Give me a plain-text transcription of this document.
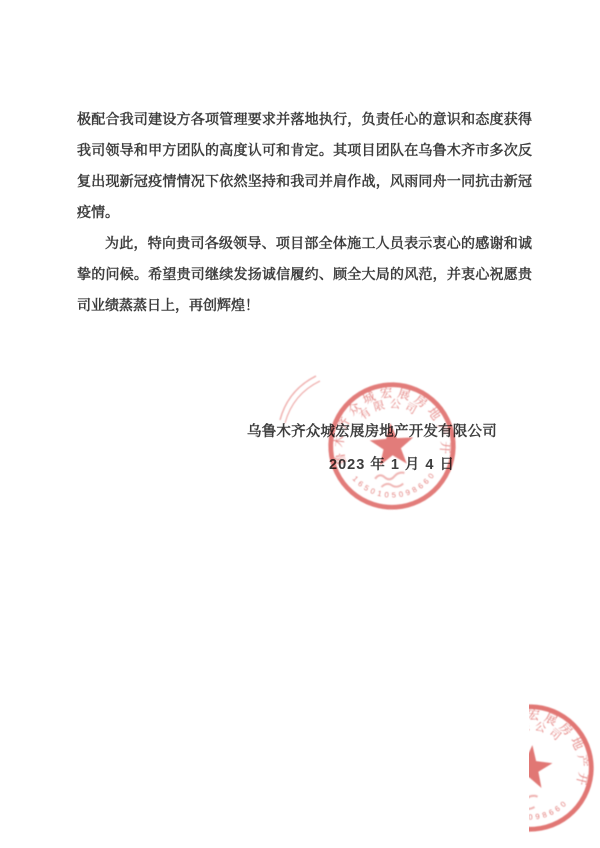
极配合我司建设方各项管理要求并落地执行，负责任心的意识和态度获得我司领导和甲方团队的高度认可和肯定。其项目团队在乌鲁木齐市多次反复出现新冠疫情情况下依然坚持和我司并肩作战，风雨同舟一同抗击新冠疫情。

为此，特向贵司各级领导、项目部全体施工人员表示衷心的感谢和诚挚的问候。希望贵司继续发扬诚信履约、顾全大局的风范，并衷心祝愿贵司业绩蒸蒸日上，再创辉煌！

乌鲁木齐众城宏展房地产开发有限公司
2023 年 1 月 4 日
